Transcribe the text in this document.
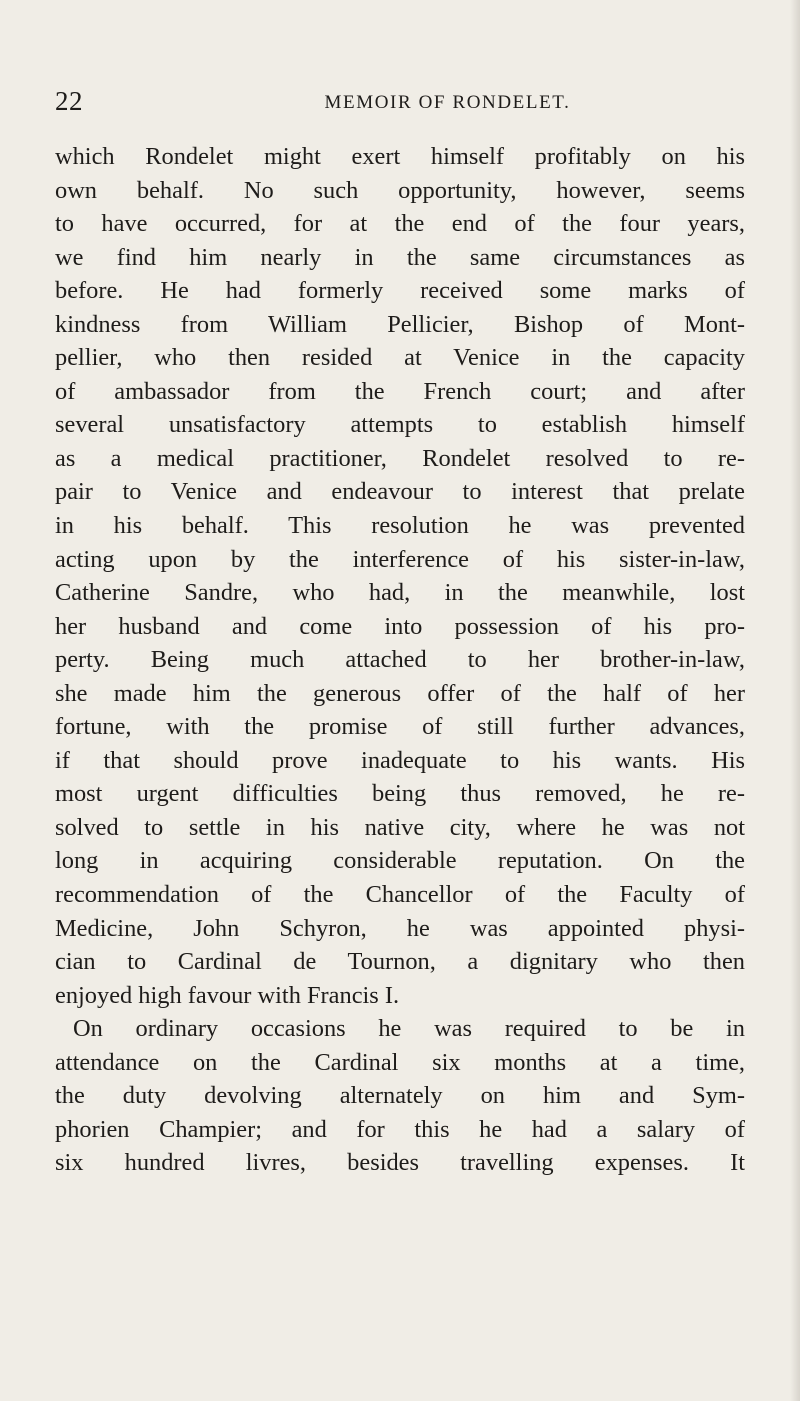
22	MEMOIR OF RONDELET.
which Rondelet might exert himself profitably on his
own behalf. No such opportunity, however, seems
to have occurred, for at the end of the four years,
we find him nearly in the same circumstances as
before. He had formerly received some marks of
kindness from William Pellicier, Bishop of Mont-
pellier, who then resided at Venice in the capacity
of ambassador from the French court; and after
several unsatisfactory attempts to establish himself
as a medical practitioner, Rondelet resolved to re-
pair to Venice and endeavour to interest that prelate
in his behalf. This resolution he was prevented
acting upon by the interference of his sister-in-law,
Catherine Sandre, who had, in the meanwhile, lost
her husband and come into possession of his pro-
perty. Being much attached to her brother-in-law,
she made him the generous offer of the half of her
fortune, with the promise of still further advances,
if that should prove inadequate to his wants. His
most urgent difficulties being thus removed, he re-
solved to settle in his native city, where he was not
long in acquiring considerable reputation. On the
recommendation of the Chancellor of the Faculty of
Medicine, John Schyron, he was appointed physi-
cian to Cardinal de Tournon, a dignitary who then
enjoyed high favour with Francis I.
On ordinary occasions he was required to be in
attendance on the Cardinal six months at a time,
the duty devolving alternately on him and Sym-
phorien Champier; and for this he had a salary of
six hundred livres, besides travelling expenses. It
